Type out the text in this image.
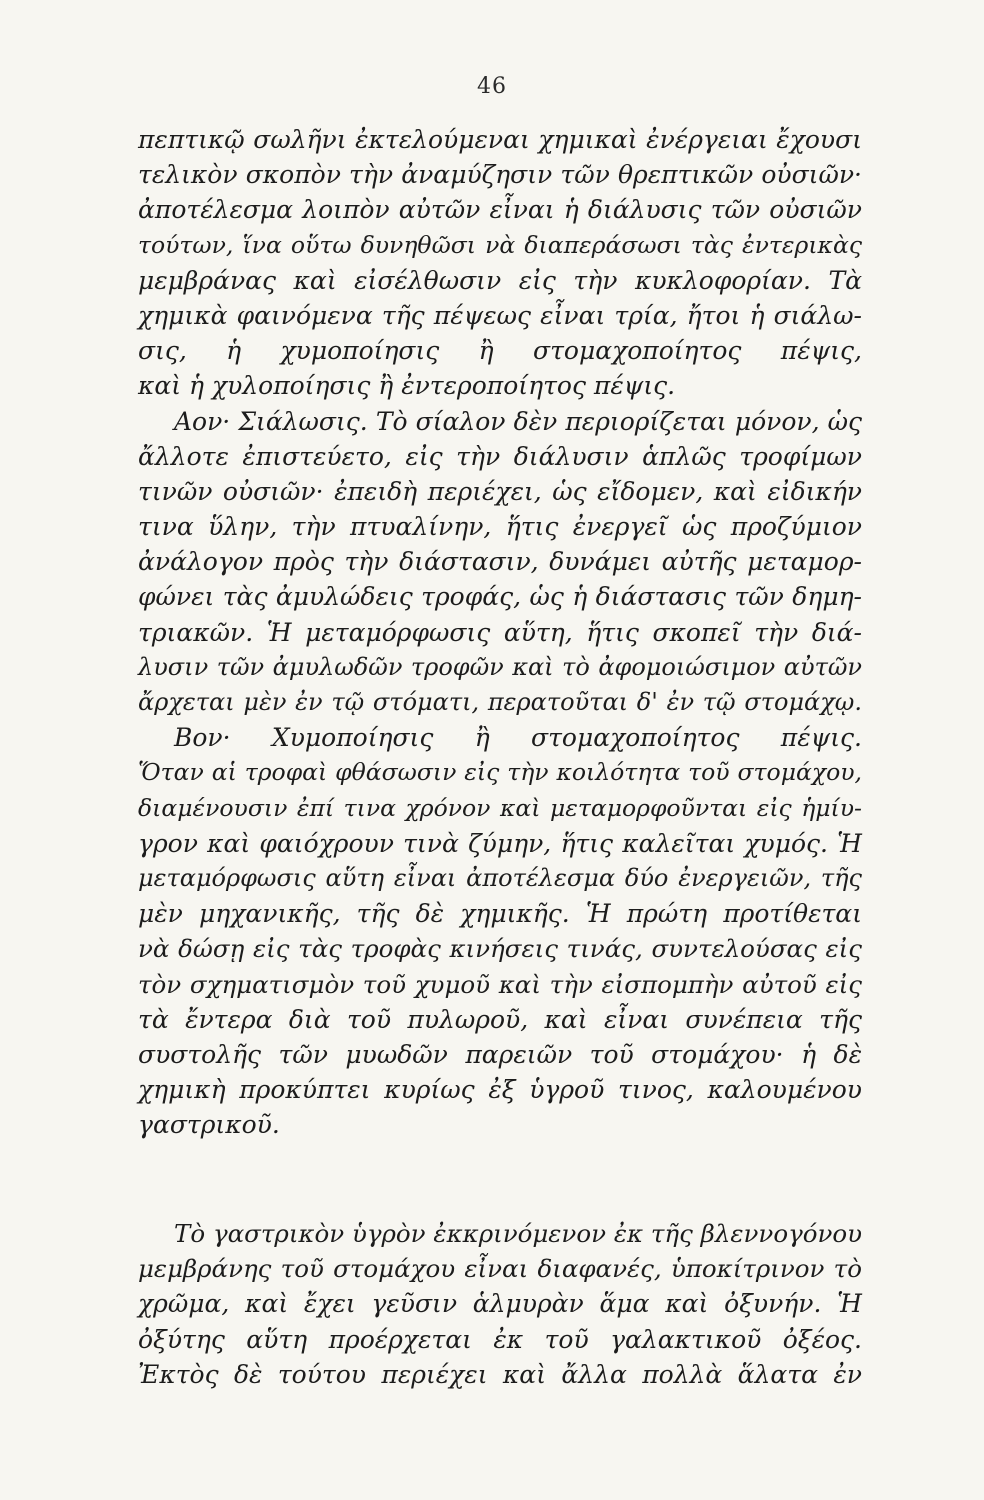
46
πεπτικῷ σωλῆνι ἐκτελούμεναι χημικαὶ ἐνέργειαι ἔχουσι
τελικὸν σκοπὸν τὴν ἀναμύζησιν τῶν θρεπτικῶν οὐσιῶν·
ἀποτέλεσμα λοιπὸν αὐτῶν εἶναι ἡ διάλυσις τῶν οὐσιῶν
τούτων, ἵνα οὕτω δυνηθῶσι νὰ διαπεράσωσι τὰς ἐντερικὰς
μεμβράνας καὶ εἰσέλθωσιν εἰς τὴν κυκλοφορίαν. Τὰ
χημικὰ φαινόμενα τῆς πέψεως εἶναι τρία, ἤτοι ἡ σιάλω-
σις, ἡ χυμοποίησις ἢ στομαχοποίητος πέψις,
καὶ ἡ χυλοποίησις ἢ ἐντεροποίητος πέψις.
Αον· Σιάλωσις. Τὸ σίαλον δὲν περιορίζεται μόνον, ὡς
ἄλλοτε ἐπιστεύετο, εἰς τὴν διάλυσιν ἁπλῶς τροφίμων
τινῶν οὐσιῶν· ἐπειδὴ περιέχει, ὡς εἴδομεν, καὶ εἰδικήν
τινα ὕλην, τὴν πτυαλίνην, ἥτις ἐνεργεῖ ὡς προζύμιον
ἀνάλογον πρὸς τὴν διάστασιν, δυνάμει αὐτῆς μεταμορ-
φώνει τὰς ἀμυλώδεις τροφάς, ὡς ἡ διάστασις τῶν δημη-
τριακῶν. Ἡ μεταμόρφωσις αὕτη, ἥτις σκοπεῖ τὴν διά-
λυσιν τῶν ἀμυλωδῶν τροφῶν καὶ τὸ ἀφομοιώσιμον αὐτῶν
ἄρχεται μὲν ἐν τῷ στόματι, περατοῦται δ' ἐν τῷ στομάχῳ.
Βον· Χυμοποίησις ἢ στομαχοποίητος πέψις.
Ὅταν αἱ τροφαὶ φθάσωσιν εἰς τὴν κοιλότητα τοῦ στομάχου,
διαμένουσιν ἐπί τινα χρόνον καὶ μεταμορφοῦνται εἰς ἡμίυ-
γρον καὶ φαιόχρουν τινὰ ζύμην, ἥτις καλεῖται χυμός. Ἡ
μεταμόρφωσις αὕτη εἶναι ἀποτέλεσμα δύο ἐνεργειῶν, τῆς
μὲν μηχανικῆς, τῆς δὲ χημικῆς. Ἡ πρώτη προτίθεται
νὰ δώσῃ εἰς τὰς τροφὰς κινήσεις τινάς, συντελούσας εἰς
τὸν σχηματισμὸν τοῦ χυμοῦ καὶ τὴν εἰσπομπὴν αὐτοῦ εἰς
τὰ ἔντερα διὰ τοῦ πυλωροῦ, καὶ εἶναι συνέπεια τῆς
συστολῆς τῶν μυωδῶν παρειῶν τοῦ στομάχου· ἡ δὲ
χημικὴ προκύπτει κυρίως ἐξ ὑγροῦ τινος, καλουμένου
γαστρικοῦ.
Τὸ γαστρικὸν ὑγρὸν ἐκκρινόμενον ἐκ τῆς βλεννογόνου
μεμβράνης τοῦ στομάχου εἶναι διαφανές, ὑποκίτρινον τὸ
χρῶμα, καὶ ἔχει γεῦσιν ἁλμυρὰν ἅμα καὶ ὀξυνήν. Ἡ
ὀξύτης αὕτη προέρχεται ἐκ τοῦ γαλακτικοῦ ὀξέος.
Ἐκτὸς δὲ τούτου περιέχει καὶ ἄλλα πολλὰ ἅλατα ἐν
